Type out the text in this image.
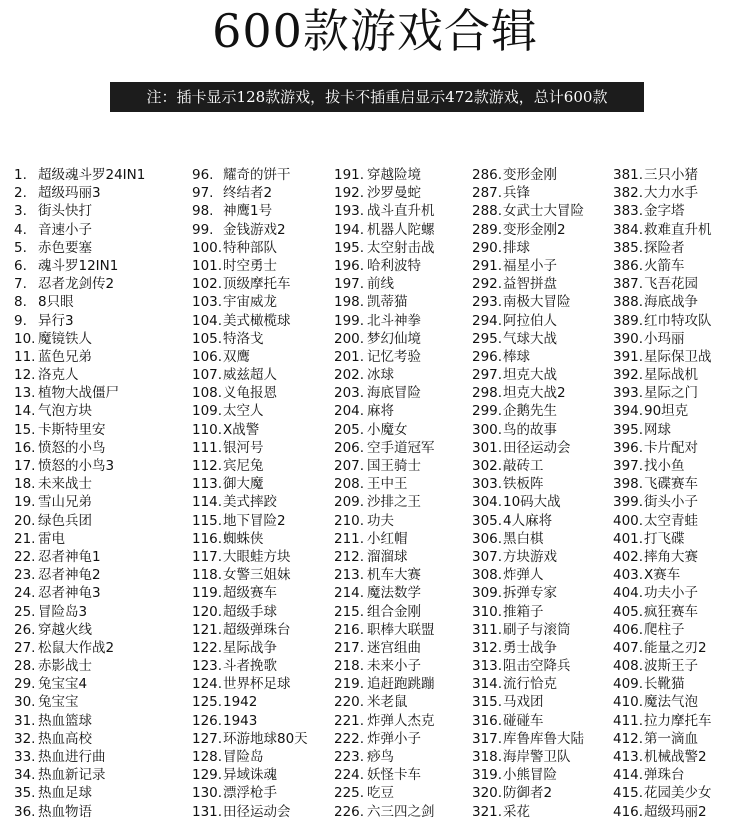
600款游戏合辑
注：插卡显示128款游戏，拔卡不插重启显示472款游戏，总计600款
1. 超级魂斗罗24IN1
2. 超级玛丽3
3. 街头快打
4. 音速小子
5. 赤色要塞
6. 魂斗罗12IN1
7. 忍者龙剑传2
8. 8只眼
9. 异行3
10. 魔镜铁人
11. 蓝色兄弟
12. 洛克人
13. 植物大战僵尸
14. 气泡方块
15. 卡斯特里安
16. 愤怒的小鸟
17. 愤怒的小鸟3
18. 未来战士
19. 雪山兄弟
20. 绿色兵团
21. 雷电
22. 忍者神龟1
23. 忍者神龟2
24. 忍者神龟3
25. 冒险岛3
26. 穿越火线
27. 松鼠大作战2
28. 赤影战士
29. 兔宝宝4
30. 兔宝宝
31. 热血篮球
32. 热血高校
33. 热血进行曲
34. 热血新记录
35. 热血足球
36. 热血物语
96. 耀奇的饼干
97. 终结者2
98. 神鹰1号
99. 金钱游戏2
100.特种部队
101.时空勇士
102.顶级摩托车
103.宇宙威龙
104.美式橄榄球
105.特洛戈
106.双鹰
107.威兹超人
108.义龟报恩
109.太空人
110.X战警
111.银河号
112.宾尼兔
113.御大魔
114.美式摔跤
115.地下冒险2
116.蜘蛛侠
117.大眼蛙方块
118.女警三姐妹
119.超级赛车
120.超级手球
121.超级弹珠台
122.星际战争
123.斗者挽歌
124.世界杯足球
125.1942
126.1943
127.环游地球80天
128.冒险岛
129.异域诛魂
130.漂浮枪手
131.田径运动会
191. 穿越险境
192. 沙罗曼蛇
193. 战斗直升机
194. 机器人陀螺
195. 太空射击战
196. 哈利波特
197. 前线
198. 凯蒂猫
199. 北斗神拳
200. 梦幻仙境
201. 记忆考验
202. 冰球
203. 海底冒险
204. 麻将
205. 小魔女
206. 空手道冠军
207. 国王骑士
208. 王中王
209. 沙排之王
210. 功夫
211. 小红帽
212. 溜溜球
213. 机车大赛
214. 魔法数学
215. 组合金刚
216. 职棒大联盟
217. 迷宫组曲
218. 未来小子
219. 追赶跑跳蹦
220. 米老鼠
221. 炸弹人杰克
222. 炸弹小子
223. 痧鸟
224. 妖怪卡车
225. 吃豆
226. 六三四之剑
286.变形金刚
287.兵锋
288.女武士大冒险
289.变形金刚2
290.排球
291.福星小子
292.益智拼盘
293.南极大冒险
294.阿拉伯人
295.气球大战
296.棒球
297.坦克大战
298.坦克大战2
299.企鹅先生
300.鸟的故事
301.田径运动会
302.敲砖工
303.铁板阵
304.10码大战
305.4人麻将
306.黑白棋
307.方块游戏
308.炸弹人
309.拆弹专家
310.推箱子
311.刷子与滚筒
312.勇士战争
313.阻击空降兵
314.流行恰克
315.马戏团
316.碰碰车
317.库鲁库鲁大陆
318.海岸警卫队
319.小熊冒险
320.防御者2
321.采花
381.三只小猪
382.大力水手
383.金字塔
384.救难直升机
385.探险者
386.火箭车
387.飞吾花园
388.海底战争
389.红巾特攻队
390.小玛丽
391.星际保卫战
392.星际战机
393.星际之门
394.90坦克
395.网球
396.卡片配对
397.找小鱼
398.飞碟赛车
399.街头小子
400.太空青蛙
401.打飞碟
402.摔角大赛
403.X赛车
404.功夫小子
405.疯狂赛车
406.爬柱子
407.能量之刃2
408.波斯王子
409.长靴猫
410.魔法气泡
411.拉力摩托车
412.第一滴血
413.机械战警2
414.弹珠台
415.花园美少女
416.超级玛丽2
